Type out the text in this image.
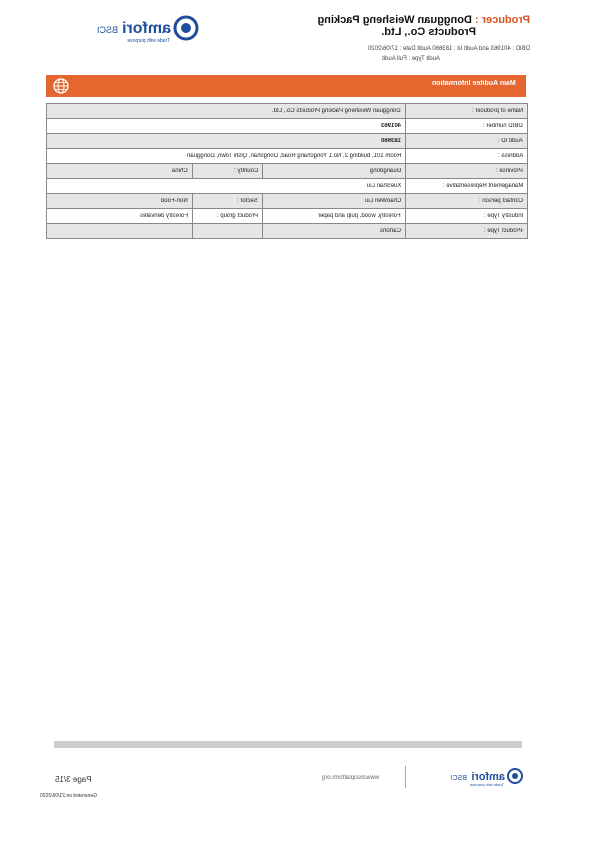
amfori
BSCI
Trade with purpose
Producer : Dongguan Weisheng Packing
Products Co., Ltd.
DBID : 401963 and Audit Id : 183660 Audit Date : 17/06/2020
Audit Type : Full Audit
Main Auditee Information
Dongguan Weisheng Packing Products Co., Ltd.			Name of producer :
401963			DBID number :
183660			Audit ID :
Room 101, building 2, No.1 Yongchang Road, Dongshan, Qishi Town, Dongguan			Address :
China	Country :	Guangdong	Province :
XueShan Liu			Management Representative :
Non-Food	Sector :	ChaoWen Liu	Contact person :
Forestry derivates	Product group :	Forestry, wood, pulp and paper	Industry Type :
		Cartons	Product Type :
amfori
BSCI
Trade with purpose
www.bsciplatform.org
Page 3/15
Generated on:21/06/2020
